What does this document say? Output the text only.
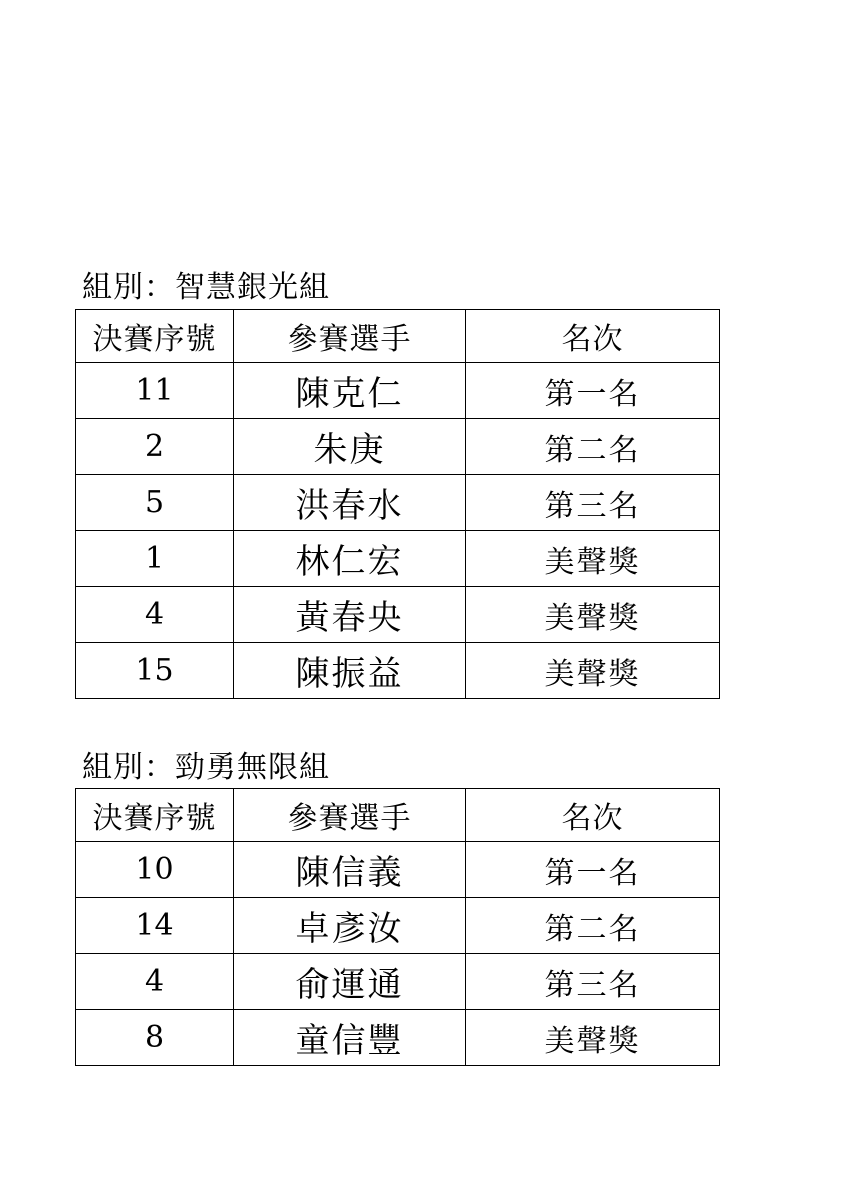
組別：智慧銀光組
決賽序號	參賽選手	名次
11	陳克仁	第一名
2	朱庚	第二名
5	洪春水	第三名
1	林仁宏	美聲獎
4	黃春央	美聲獎
15	陳振益	美聲獎
組別：勁勇無限組
決賽序號	參賽選手	名次
10	陳信義	第一名
14	卓彥汝	第二名
4	俞運通	第三名
8	童信豐	美聲獎
